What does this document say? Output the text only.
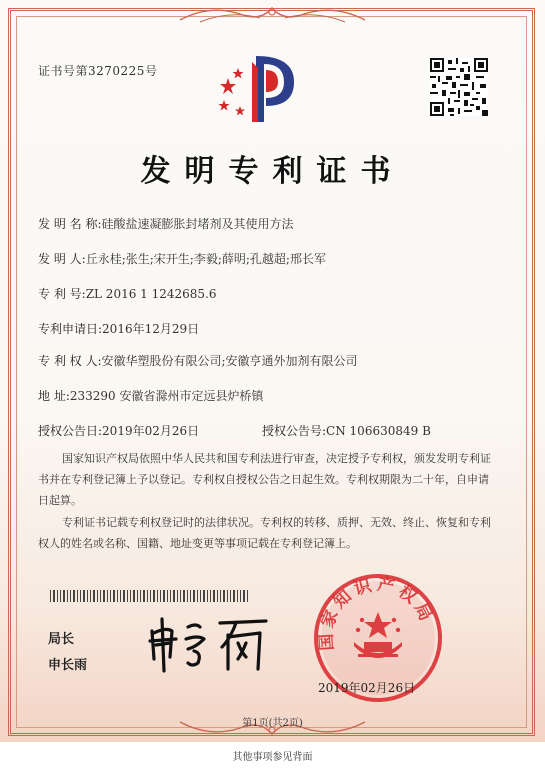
证书号第3270225号
发明专利证书
发 明 名 称:硅酸盐速凝膨胀封堵剂及其使用方法
发 明 人:丘永桂;张生;宋开生;李毅;薛明;孔越超;邢长军
专 利 号:ZL 2016 1 1242685.6
专利申请日:2016年12月29日
专 利 权 人:安徽华塑股份有限公司;安徽亨通外加剂有限公司
地 址:233290 安徽省滁州市定远县炉桥镇
授权公告日:2019年02月26日	授权公告号:CN 106630849 B
国家知识产权局依照中华人民共和国专利法进行审查，决定授予专利权，颁发发明专利证书并在专利登记簿上予以登记。专利权自授权公告之日起生效。专利权期限为二十年，自申请日起算。
专利证书记载专利权登记时的法律状况。专利权的转移、质押、无效、终止、恢复和专利权人的姓名或名称、国籍、地址变更等事项记载在专利登记簿上。
局长
申长雨
国家知识产权局
2019年02月26日
第1页(共2页)
其他事项参见背面
